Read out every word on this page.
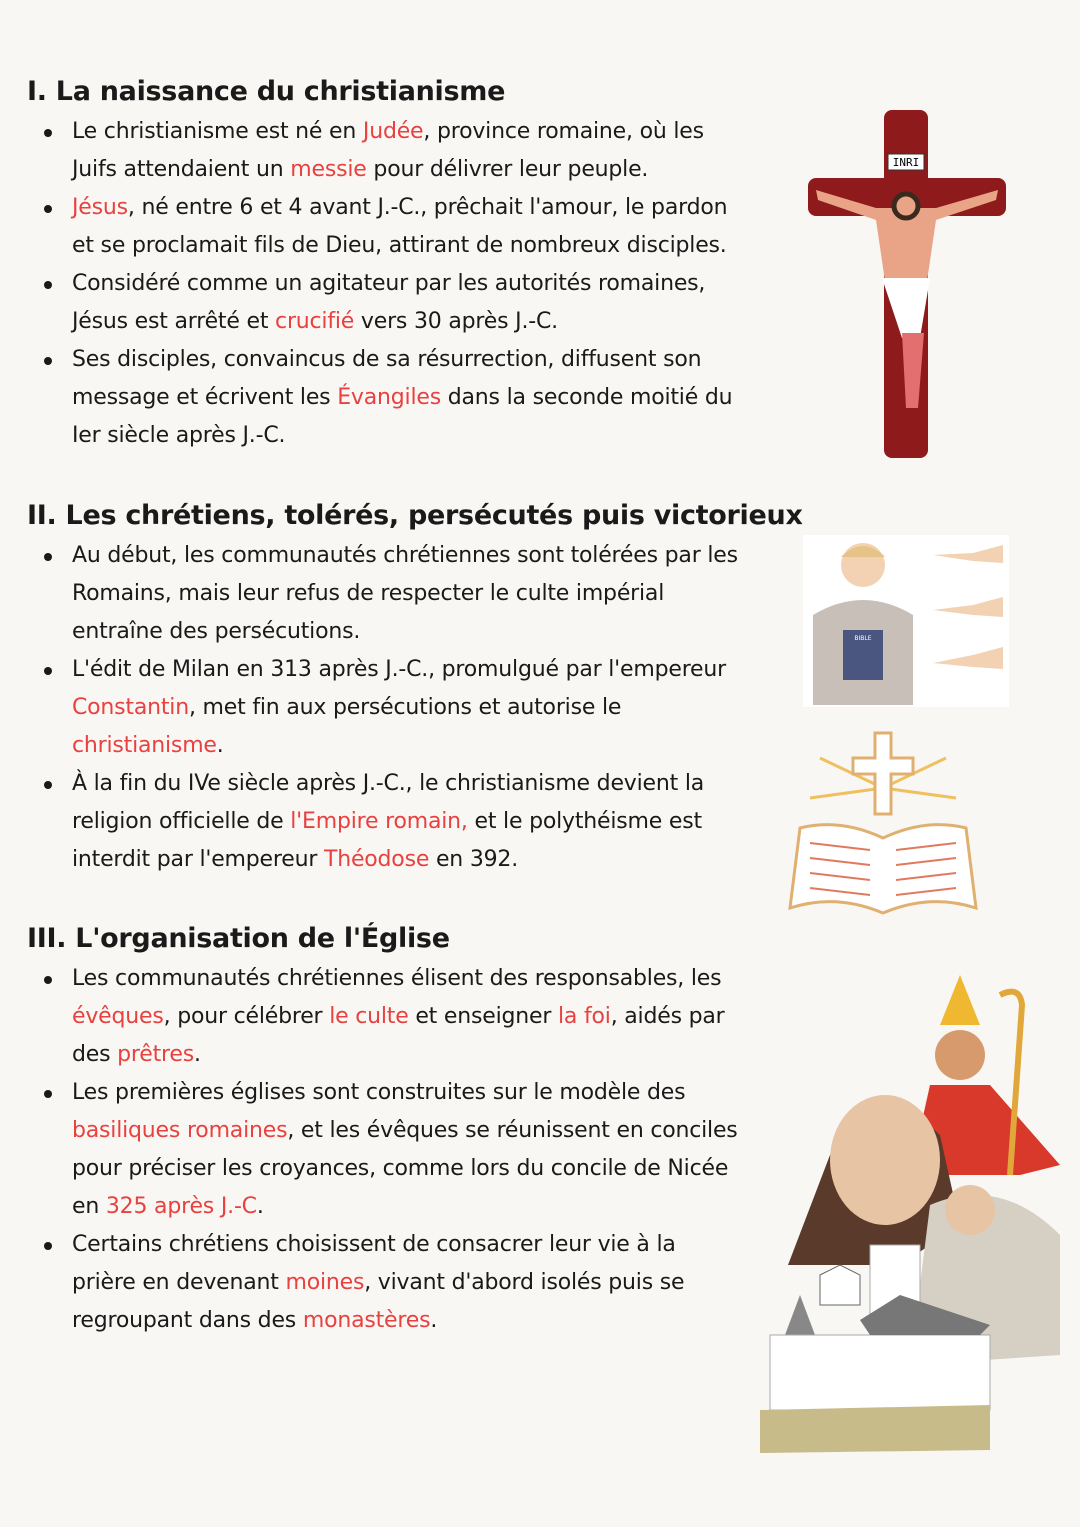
I. La naissance du christianisme
Le christianisme est né en Judée, province romaine, où les
Juifs attendaient un messie pour délivrer leur peuple.
Jésus, né entre 6 et 4 avant J.-C., prêchait l'amour, le pardon
et se proclamait fils de Dieu, attirant de nombreux disciples.
Considéré comme un agitateur par les autorités romaines,
Jésus est arrêté et crucifié vers 30 après J.-C.
Ses disciples, convaincus de sa résurrection, diffusent son
message et écrivent les Évangiles dans la seconde moitié du
Ier siècle après J.-C.
II. Les chrétiens, tolérés, persécutés puis victorieux
Au début, les communautés chrétiennes sont tolérées par les
Romains, mais leur refus de respecter le culte impérial
entraîne des persécutions.
L'édit de Milan en 313 après J.-C., promulgué par l'empereur
Constantin, met fin aux persécutions et autorise le
christianisme.
À la fin du IVe siècle après J.-C., le christianisme devient la
religion officielle de l'Empire romain, et le polythéisme est
interdit par l'empereur Théodose en 392.
III. L'organisation de l'Église
Les communautés chrétiennes élisent des responsables, les
évêques, pour célébrer le culte et enseigner la foi, aidés par
des prêtres.
Les premières églises sont construites sur le modèle des
basiliques romaines, et les évêques se réunissent en conciles
pour préciser les croyances, comme lors du concile de Nicée
en 325 après J.-C.
Certains chrétiens choisissent de consacrer leur vie à la
prière en devenant moines, vivant d'abord isolés puis se
regroupant dans des monastères.
INRI
BIBLE
